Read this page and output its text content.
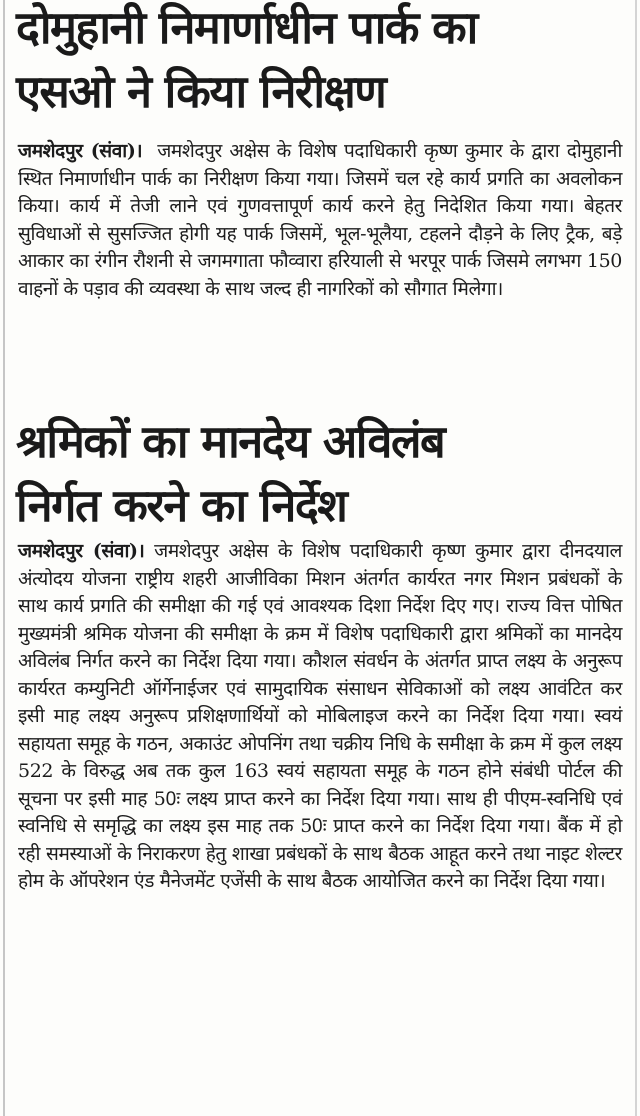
दोमुहानी निमार्णाधीन पार्क का
एसओ ने किया निरीक्षण

जमशेदपुर (संवा)। जमशेदपुर अक्षेस के विशेष पदाधिकारी कृष्ण कुमार के द्वारा दोमुहानी स्थित निमार्णाधीन पार्क का निरीक्षण किया गया। जिसमें चल रहे कार्य प्रगति का अवलोकन किया। कार्य में तेजी लाने एवं गुणवत्तापूर्ण कार्य करने हेतु निदेशित किया गया। बेहतर सुविधाओं से सुसज्जित होगी यह पार्क जिसमें, भूल-भूलैया, टहलने दौड़ने के लिए ट्रैक, बड़े आकार का रंगीन रौशनी से जगमगाता फौव्वारा हरियाली से भरपूर पार्क जिसमे लगभग 150 वाहनों के पड़ाव की व्यवस्था के साथ जल्द ही नागरिकों को सौगात मिलेगा।

श्रमिकों का मानदेय अविलंब
निर्गत करने का निर्देश

जमशेदपुर (संवा)। जमशेदपुर अक्षेस के विशेष पदाधिकारी कृष्ण कुमार द्वारा दीनदयाल अंत्योदय योजना राष्ट्रीय शहरी आजीविका मिशन अंतर्गत कार्यरत नगर मिशन प्रबंधकों के साथ कार्य प्रगति की समीक्षा की गई एवं आवश्यक दिशा निर्देश दिए गए। राज्य वित्त पोषित मुख्यमंत्री श्रमिक योजना की समीक्षा के क्रम में विशेष पदाधिकारी द्वारा श्रमिकों का मानदेय अविलंब निर्गत करने का निर्देश दिया गया। कौशल संवर्धन के अंतर्गत प्राप्त लक्ष्य के अनुरूप कार्यरत कम्युनिटी ऑर्गेनाईजर एवं सामुदायिक संसाधन सेविकाओं को लक्ष्य आवंटित कर इसी माह लक्ष्य अनुरूप प्रशिक्षणार्थियों को मोबिलाइज करने का निर्देश दिया गया। स्वयं सहायता समूह के गठन, अकाउंट ओपनिंग तथा चक्रीय निधि के समीक्षा के क्रम में कुल लक्ष्य 522 के विरुद्ध अब तक कुल 163 स्वयं सहायता समूह के गठन होने संबंधी पोर्टल की सूचना पर इसी माह 50ः लक्ष्य प्राप्त करने का निर्देश दिया गया। साथ ही पीएम-स्वनिधि एवं स्वनिधि से समृद्धि का लक्ष्य इस माह तक 50ः प्राप्त करने का निर्देश दिया गया। बैंक में हो रही समस्याओं के निराकरण हेतु शाखा प्रबंधकों के साथ बैठक आहूत करने तथा नाइट शेल्टर होम के ऑपरेशन एंड मैनेजमेंट एजेंसी के साथ बैठक आयोजित करने का निर्देश दिया गया।
